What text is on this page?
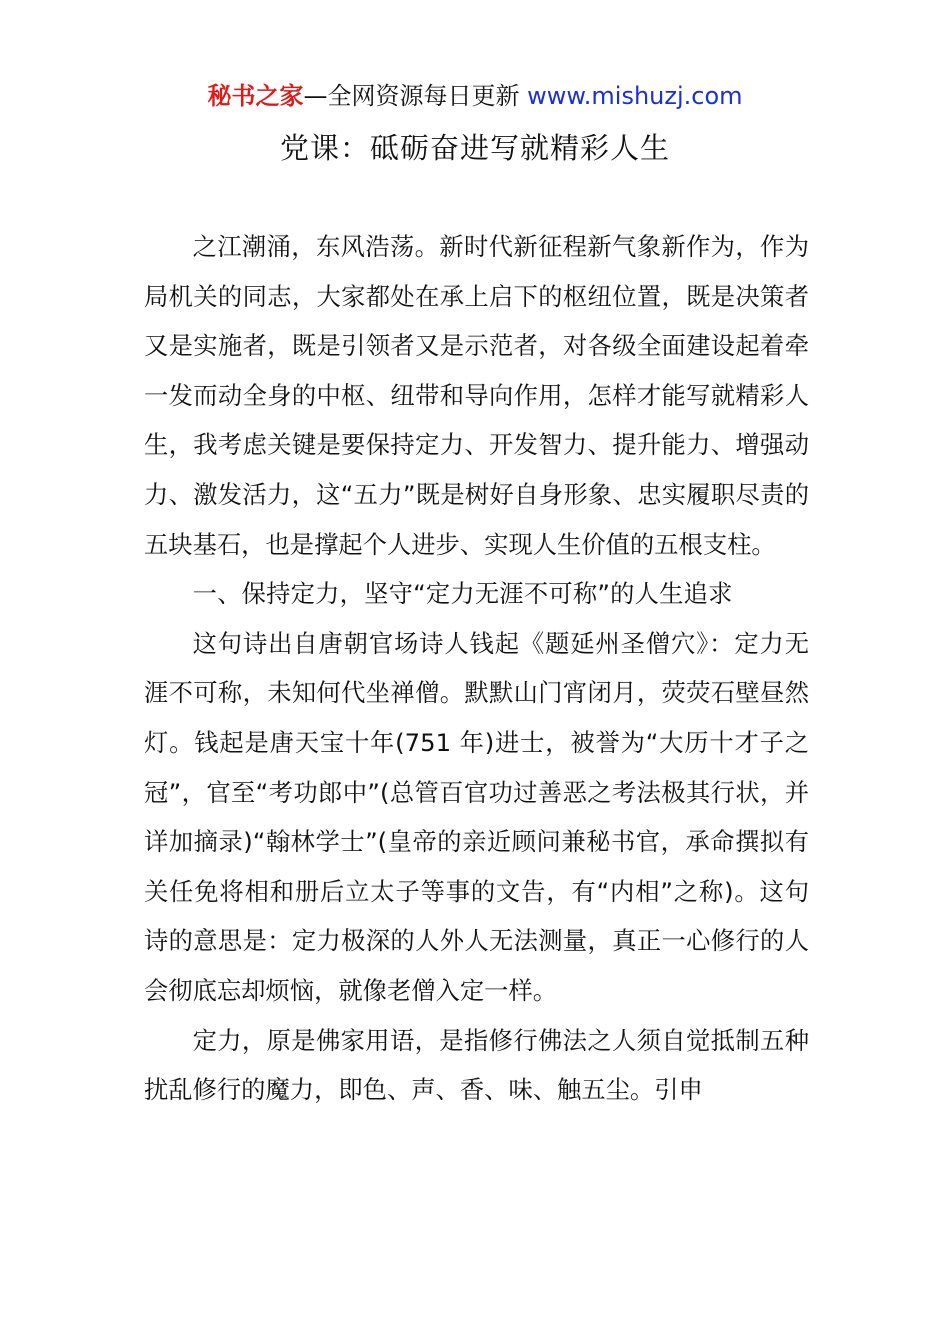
秘书之家—全网资源每日更新 www.mishuzj.com
党课：砥砺奋进写就精彩人生

之江潮涌，东风浩荡。新时代新征程新气象新作为，作为局机关的同志，大家都处在承上启下的枢纽位置，既是决策者又是实施者，既是引领者又是示范者，对各级全面建设起着牵一发而动全身的中枢、纽带和导向作用，怎样才能写就精彩人生，我考虑关键是要保持定力、开发智力、提升能力、增强动力、激发活力，这“五力”既是树好自身形象、忠实履职尽责的五块基石，也是撑起个人进步、实现人生价值的五根支柱。

一、保持定力，坚守“定力无涯不可称”的人生追求

这句诗出自唐朝官场诗人钱起《题延州圣僧穴》：定力无涯不可称，未知何代坐禅僧。默默山门宵闭月，荧荧石壁昼然灯。钱起是唐天宝十年(751 年)进士，被誉为“大历十才子之冠”，官至“考功郎中”(总管百官功过善恶之考法极其行状，并详加摘录)“翰林学士”(皇帝的亲近顾问兼秘书官，承命撰拟有关任免将相和册后立太子等事的文告，有“内相”之称)。这句诗的意思是：定力极深的人外人无法测量，真正一心修行的人会彻底忘却烦恼，就像老僧入定一样。

定力，原是佛家用语，是指修行佛法之人须自觉抵制五种扰乱修行的魔力，即色、声、香、味、触五尘。引申
